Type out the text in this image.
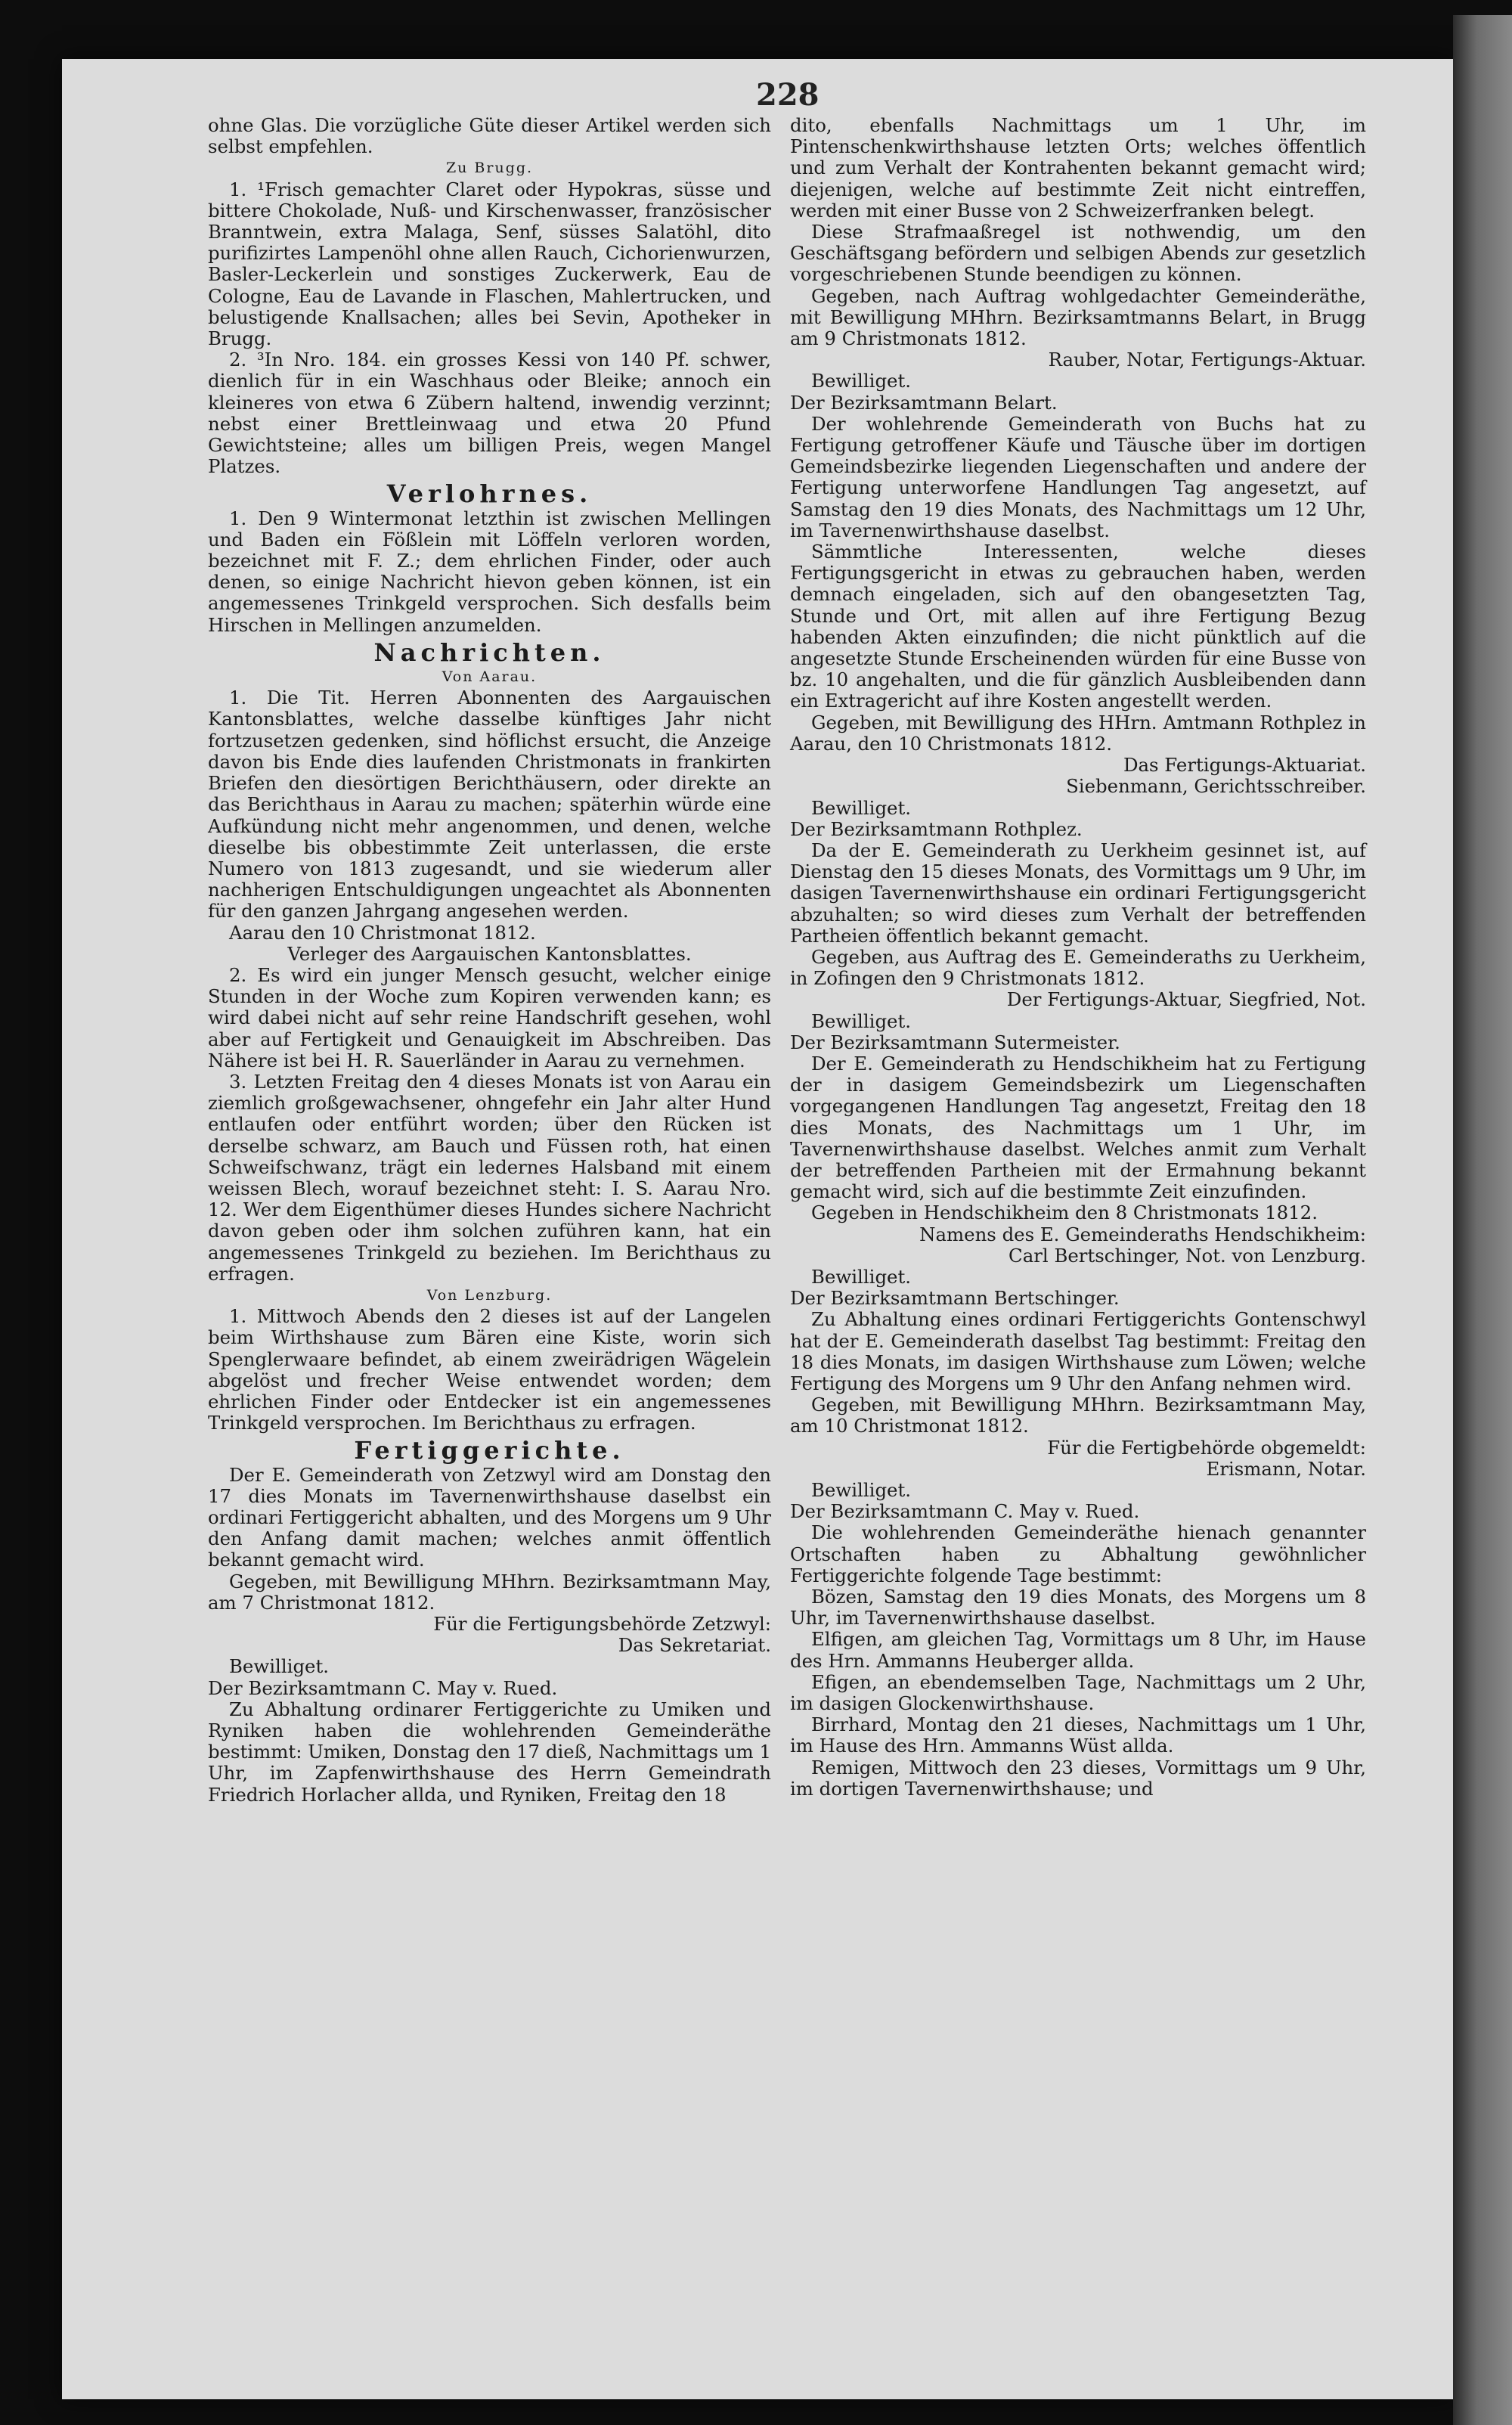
228

ohne Glas. Die vorzügliche Güte dieser Artikel werden sich selbst empfehlen.

Zu Brugg.

1. ¹Frisch gemachter Claret oder Hypokras, süsse und bittere Chokolade, Nuß- und Kirschenwasser, französischer Branntwein, extra Malaga, Senf, süsses Salatöhl, dito purifizirtes Lampenöhl ohne allen Rauch, Cichorienwurzen, Basler-Leckerlein und sonstiges Zuckerwerk, Eau de Cologne, Eau de Lavande in Flaschen, Mahlertrucken, und belustigende Knallsachen; alles bei Sevin, Apotheker in Brugg.

2. ³In Nro. 184. ein grosses Kessi von 140 Pf. schwer, dienlich für in ein Waschhaus oder Bleike; annoch ein kleineres von etwa 6 Zübern haltend, inwendig verzinnt; nebst einer Brettleinwaag und etwa 20 Pfund Gewichtsteine; alles um billigen Preis, wegen Mangel Platzes.

Verlohrnes.

1. Den 9 Wintermonat letzthin ist zwischen Mellingen und Baden ein Fößlein mit Löffeln verloren worden, bezeichnet mit F. Z.; dem ehrlichen Finder, oder auch denen, so einige Nachricht hievon geben können, ist ein angemessenes Trinkgeld versprochen. Sich desfalls beim Hirschen in Mellingen anzumelden.

Nachrichten.

Von Aarau.

1. Die Tit. Herren Abonnenten des Aargauischen Kantonsblattes, welche dasselbe künftiges Jahr nicht fortzusetzen gedenken, sind höflichst ersucht, die Anzeige davon bis Ende dies laufenden Christmonats in frankirten Briefen den diesörtigen Berichthäusern, oder direkte an das Berichthaus in Aarau zu machen; späterhin würde eine Aufkündung nicht mehr angenommen, und denen, welche dieselbe bis obbestimmte Zeit unterlassen, die erste Numero von 1813 zugesandt, und sie wiederum aller nachherigen Entschuldigungen ungeachtet als Abonnenten für den ganzen Jahrgang angesehen werden.

Aarau den 10 Christmonat 1812.

Verleger des Aargauischen Kantonsblattes.

2. Es wird ein junger Mensch gesucht, welcher einige Stunden in der Woche zum Kopiren verwenden kann; es wird dabei nicht auf sehr reine Handschrift gesehen, wohl aber auf Fertigkeit und Genauigkeit im Abschreiben. Das Nähere ist bei H. R. Sauerländer in Aarau zu vernehmen.

3. Letzten Freitag den 4 dieses Monats ist von Aarau ein ziemlich großgewachsener, ohngefehr ein Jahr alter Hund entlaufen oder entführt worden; über den Rücken ist derselbe schwarz, am Bauch und Füssen roth, hat einen Schweifschwanz, trägt ein ledernes Halsband mit einem weissen Blech, worauf bezeichnet steht: I. S. Aarau Nro. 12. Wer dem Eigenthümer dieses Hundes sichere Nachricht davon geben oder ihm solchen zuführen kann, hat ein angemessenes Trinkgeld zu beziehen. Im Berichthaus zu erfragen.

Von Lenzburg.

1. Mittwoch Abends den 2 dieses ist auf der Langelen beim Wirthshause zum Bären eine Kiste, worin sich Spenglerwaare befindet, ab einem zweirädrigen Wägelein abgelöst und frecher Weise entwendet worden; dem ehrlichen Finder oder Entdecker ist ein angemessenes Trinkgeld versprochen. Im Berichthaus zu erfragen.

Fertiggerichte.

Der E. Gemeinderath von Zetzwyl wird am Donstag den 17 dies Monats im Tavernenwirthshause daselbst ein ordinari Fertiggericht abhalten, und des Morgens um 9 Uhr den Anfang damit machen; welches anmit öffentlich bekannt gemacht wird.

Gegeben, mit Bewilligung MHhrn. Bezirksamtmann May, am 7 Christmonat 1812.

Für die Fertigungsbehörde Zetzwyl:

Das Sekretariat.

Bewilliget.

Der Bezirksamtmann C. May v. Rued.

Zu Abhaltung ordinarer Fertiggerichte zu Umiken und Ryniken haben die wohlehrenden Gemeinderäthe bestimmt: Umiken, Donstag den 17 dieß, Nachmittags um 1 Uhr, im Zapfenwirthshause des Herrn Gemeindrath Friedrich Horlacher allda, und Ryniken, Freitag den 18

dito, ebenfalls Nachmittags um 1 Uhr, im Pintenschenkwirthshause letzten Orts; welches öffentlich und zum Verhalt der Kontrahenten bekannt gemacht wird; diejenigen, welche auf bestimmte Zeit nicht eintreffen, werden mit einer Busse von 2 Schweizerfranken belegt.

Diese Strafmaaßregel ist nothwendig, um den Geschäftsgang befördern und selbigen Abends zur gesetzlich vorgeschriebenen Stunde beendigen zu können.

Gegeben, nach Auftrag wohlgedachter Gemeinderäthe, mit Bewilligung MHhrn. Bezirksamtmanns Belart, in Brugg am 9 Christmonats 1812.

Rauber, Notar, Fertigungs-Aktuar.

Bewilliget.

Der Bezirksamtmann Belart.

Der wohlehrende Gemeinderath von Buchs hat zu Fertigung getroffener Käufe und Täusche über im dortigen Gemeindsbezirke liegenden Liegenschaften und andere der Fertigung unterworfene Handlungen Tag angesetzt, auf Samstag den 19 dies Monats, des Nachmittags um 12 Uhr, im Tavernenwirthshause daselbst.

Sämmtliche Interessenten, welche dieses Fertigungsgericht in etwas zu gebrauchen haben, werden demnach eingeladen, sich auf den obangesetzten Tag, Stunde und Ort, mit allen auf ihre Fertigung Bezug habenden Akten einzufinden; die nicht pünktlich auf die angesetzte Stunde Erscheinenden würden für eine Busse von bz. 10 angehalten, und die für gänzlich Ausbleibenden dann ein Extragericht auf ihre Kosten angestellt werden.

Gegeben, mit Bewilligung des HHrn. Amtmann Rothplez in Aarau, den 10 Christmonats 1812.

Das Fertigungs-Aktuariat.

Siebenmann, Gerichtsschreiber.

Bewilliget.

Der Bezirksamtmann Rothplez.

Da der E. Gemeinderath zu Uerkheim gesinnet ist, auf Dienstag den 15 dieses Monats, des Vormittags um 9 Uhr, im dasigen Tavernenwirthshause ein ordinari Fertigungsgericht abzuhalten; so wird dieses zum Verhalt der betreffenden Partheien öffentlich bekannt gemacht.

Gegeben, aus Auftrag des E. Gemeinderaths zu Uerkheim, in Zofingen den 9 Christmonats 1812.

Der Fertigungs-Aktuar, Siegfried, Not.

Bewilliget.

Der Bezirksamtmann Sutermeister.

Der E. Gemeinderath zu Hendschikheim hat zu Fertigung der in dasigem Gemeindsbezirk um Liegenschaften vorgegangenen Handlungen Tag angesetzt, Freitag den 18 dies Monats, des Nachmittags um 1 Uhr, im Tavernenwirthshause daselbst. Welches anmit zum Verhalt der betreffenden Partheien mit der Ermahnung bekannt gemacht wird, sich auf die bestimmte Zeit einzufinden.

Gegeben in Hendschikheim den 8 Christmonats 1812.

Namens des E. Gemeinderaths Hendschikheim:

Carl Bertschinger, Not. von Lenzburg.

Bewilliget.

Der Bezirksamtmann Bertschinger.

Zu Abhaltung eines ordinari Fertiggerichts Gontenschwyl hat der E. Gemeinderath daselbst Tag bestimmt: Freitag den 18 dies Monats, im dasigen Wirthshause zum Löwen; welche Fertigung des Morgens um 9 Uhr den Anfang nehmen wird.

Gegeben, mit Bewilligung MHhrn. Bezirksamtmann May, am 10 Christmonat 1812.

Für die Fertigbehörde obgemeldt:

Erismann, Notar.

Bewilliget.

Der Bezirksamtmann C. May v. Rued.

Die wohlehrenden Gemeinderäthe hienach genannter Ortschaften haben zu Abhaltung gewöhnlicher Fertiggerichte folgende Tage bestimmt:

Bözen, Samstag den 19 dies Monats, des Morgens um 8 Uhr, im Tavernenwirthshause daselbst.

Elfigen, am gleichen Tag, Vormittags um 8 Uhr, im Hause des Hrn. Ammanns Heuberger allda.

Efigen, an ebendemselben Tage, Nachmittags um 2 Uhr, im dasigen Glockenwirthshause.

Birrhard, Montag den 21 dieses, Nachmittags um 1 Uhr, im Hause des Hrn. Ammanns Wüst allda.

Remigen, Mittwoch den 23 dieses, Vormittags um 9 Uhr, im dortigen Tavernenwirthshause; und
